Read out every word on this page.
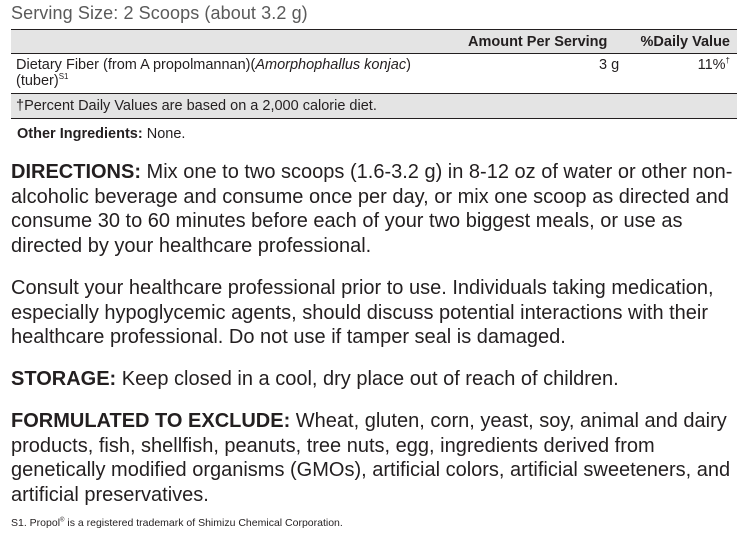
Serving Size: 2 Scoops (about 3.2 g)
Amount Per Serving %Daily Value
Dietary Fiber (from A propolmannan)(Amorphophallus konjac) (tuber)$^{S1}$
3 g	11%†
†Percent Daily Values are based on a 2,000 calorie diet.
Other Ingredients: None.

DIRECTIONS: Mix one to two scoops (1.6-3.2 g) in 8-12 oz of water or other non-alcoholic beverage and consume once per day, or mix one scoop as directed and consume 30 to 60 minutes before each of your two biggest meals, or use as directed by your healthcare professional.

Consult your healthcare professional prior to use. Individuals taking medication, especially hypoglycemic agents, should discuss potential interactions with their healthcare professional. Do not use if tamper seal is damaged.

STORAGE: Keep closed in a cool, dry place out of reach of children.

FORMULATED TO EXCLUDE: Wheat, gluten, corn, yeast, soy, animal and dairy products, fish, shellfish, peanuts, tree nuts, egg, ingredients derived from genetically modified organisms (GMOs), artificial colors, artificial sweeteners, and artificial preservatives.

S1. Propol® is a registered trademark of Shimizu Chemical Corporation.
